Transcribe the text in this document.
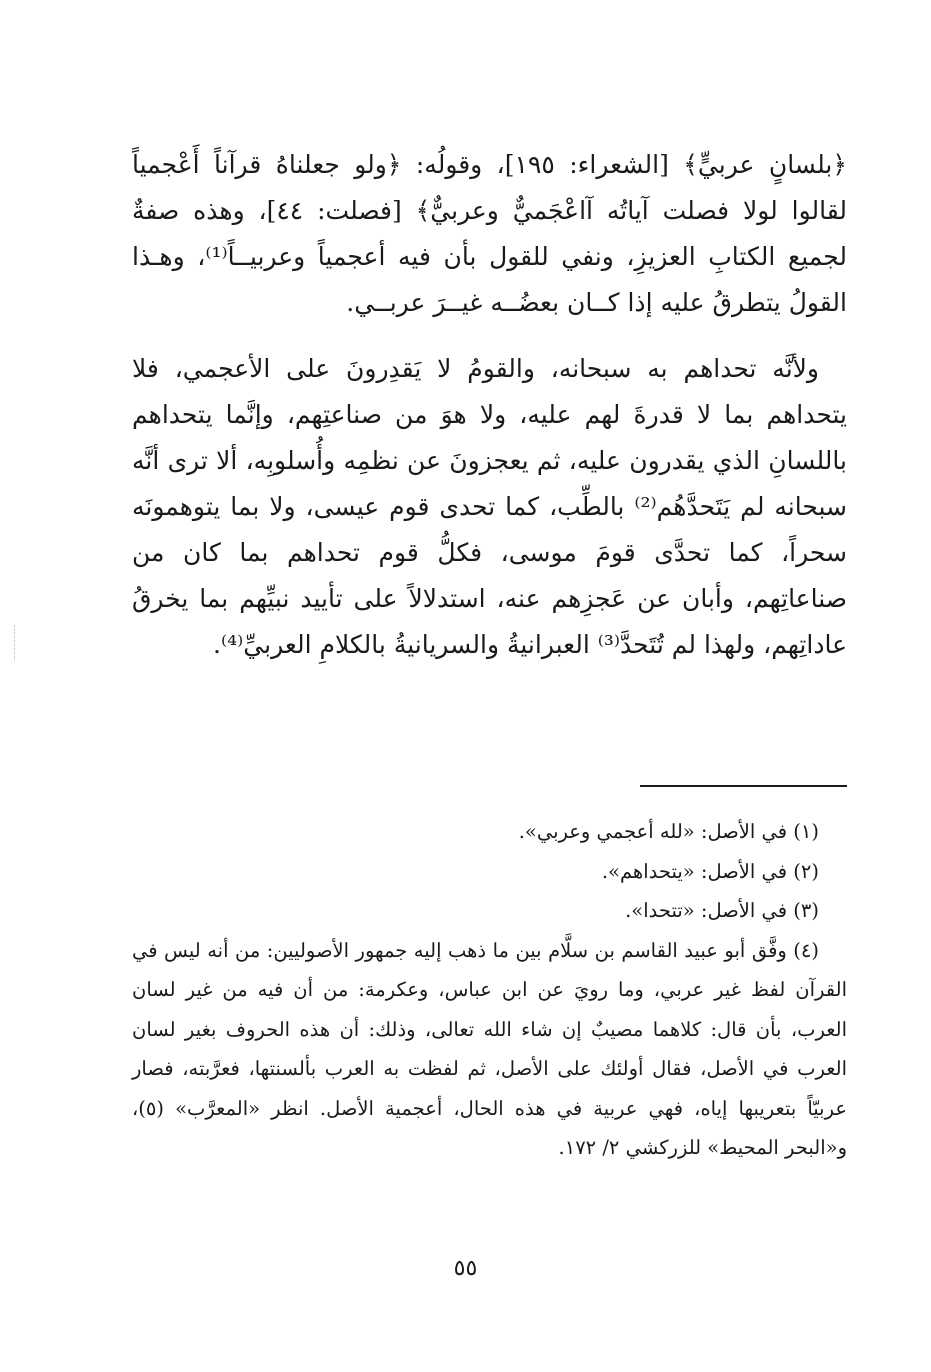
﴿بلسانٍ عربيٍّ﴾ [الشعراء: ١٩٥]، وقولُه: ﴿ولو جعلناهُ قرآناً أَعْجمياً لقالوا لولا فصلت آياتُه آاعْجَميٌّ وعربيٌّ﴾ [فصلت: ٤٤]، وهذه صفةٌ لجميع الكتابِ العزيزِ، ونفي للقول بأن فيه أعجمياً وعربيــاً⁽¹⁾، وهـذا القولُ يتطرقُ عليه إذا كــان بعضُــه غيــرَ عربــي.

ولأنَّه تحداهم به سبحانه، والقومُ لا يَقدِرونَ على الأعجمي، فلا يتحداهم بما لا قدرةَ لهم عليه، ولا هوَ من صناعتِهم، وإنَّما يتحداهم باللسانِ الذي يقدرون عليه، ثم يعجزونَ عن نظمِه وأُسلوبِه، ألا ترى أنَّه سبحانه لم يَتَحدَّهُم⁽²⁾ بالطِّب، كما تحدى قوم عيسى، ولا بما يتوهمونَه سحراً، كما تحدَّى قومَ موسى، فكلُّ قوم تحداهم بما كان من صناعاتِهم، وأبان عن عَجزِهم عنه، استدلالاً على تأييد نبيِّهم بما يخرقُ عاداتِهم، ولهذا لم تُتَحدَّ⁽³⁾ العبرانيةُ والسريانيةُ بالكلامِ العربيِّ⁽⁴⁾.

(١) في الأصل: «لله أعجمي وعربي».

(٢) في الأصل: «يتحداهم».

(٣) في الأصل: «تتحدا».

(٤) وفَّق أبو عبيد القاسم بن سلَّام بين ما ذهب إليه جمهور الأصوليين: من أنه ليس في القرآن لفظ غير عربي، وما رويَ عن ابن عباس، وعكرمة: من أن فيه من غير لسان العرب، بأن قال: كلاهما مصيبٌ إن شاء الله تعالى، وذلك: أن هذه الحروف بغير لسان العرب في الأصل، فقال أولئك على الأصل، ثم لفظت به العرب بألسنتها، فعرَّبته، فصار عربيّاً بتعريبها إياه، فهي عربية في هذه الحال، أعجمية الأصل. انظر «المعرَّب» (٥)، و«البحر المحيط» للزركشي ٢/ ١٧٢.

٥٥
